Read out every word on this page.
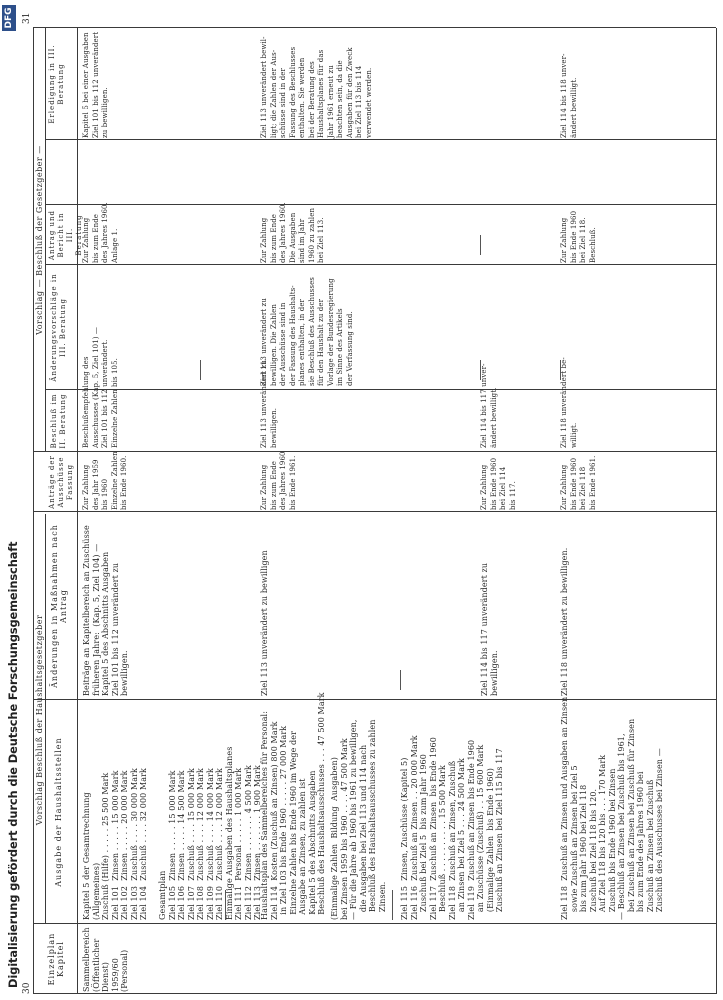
30
31
Einzelplan Kapitel
Vorschlag Beschluß der Haushaltsgesetzgeber Ausgabe der Haushaltsstellen
Änderungen in Maßnahmen nach Antrag
Anträge der Ausschüsse Fassung
Vorschlag — Beschluß der Gesetzgeber —
Beschluß im II. Beratung
Änderungsvorschläge in III. Beratung
Antrag und Bericht in III. Beratung
Erledigung in III. Beratung
Sammelbereich
(Öffentlicher
Dienst)
1959/60
(Personal)
Kapitel 5 der Gesamtrechnung
(Allgemeines)
Zuschuß (Hilfe) . . . . . 25 500 Mark
Ziel 101  Zinsen . . . . . 15 000 Mark
Ziel 102  Zinsen . . . . . 20 000 Mark
Ziel 103  Zuschuß . . . . 30 000 Mark
Ziel 104  Zuschuß . . . . 32 000 Mark
Beiträge an Kapitelbereich an Zuschüsse
früheren Jahre:  (Kap. 5, Ziel 104) —
Kapitel 5 des Abschnitts Ausgaben
Ziel 101 bis 112 unverändert zu
bewilligen.
Zur Zahlung
des Jahr 1959
bis 1960
Einzelne Zahlen
bis Ende 1960.
Beschlußempfehlung des
Ausschusses (Kap. 5, Ziel 101) —
Ziel 101 bis 112 unverändert.
Einzelne Zahlen bis 105.
Zur Zahlung
bis zum Ende
des Jahres 1960.
Anlage 1.
Kapitel 5 bei einer Ausgaben
Ziel 101 bis 112 unverändert
zu bewilligen.
Gesamtplan
Ziel 105  Zinsen . . . . . 15 000 Mark
Ziel 106  Zinsen . . . . . 14 500 Mark
Ziel 107  Zuschuß . . . . 15 000 Mark
Ziel 108  Zuschuß . . . . 12 000 Mark
Ziel 109  Zuschuß . . . . 14 000 Mark
Ziel 110  Zuschuß . . . . 12 000 Mark
Einmalige Ausgaben des Haushaltsplanes
Ziel 111  Personal . . . . . 1 000 Mark
Ziel 112  Zinsen . . . . . . . 4 500 Mark
Ziel 113  Zinsen . . . . . . . 1 900 Mark
Haushaltsplan des Sammelbereiches für Personal:
Ziel 114  Kosten (Zuschuß an Zinsen) 800 Mark
in Ziel 103 bis Ende 1960 . . . . . 27 000 Mark
Einzelne Zahlen bis Ende 1960 im Wege der
Ausgabe an Zinsen, zu zahlen ist
Kapitel 5 des Abschnitts Ausgaben
Beschluß des Haushaltsausschusses . . . 47 500 Mark
Ziel 113 unverändert zu bewilligen
Zur Zahlung
bis zum Ende
des Jahres 1960
bis Ende 1961.
Ziel 113 unverändert zu
bewilligen.
Ziel 113 unverändert zu
bewilligen. Die Zahlen
der Ausschüsse sind in
der Fassung des Haushalts-
planes enthalten, in der
sie Beschluß des Ausschusses
für den Haushalt zu der
Vorlage der Bundesregierung
im Sinne des Artikels
der Verfassung sind.
Zur Zahlung
bis zum Ende
des Jahres 1960.
Die Ausgaben
sind im Jahr
1960 zu zahlen
bei Ziel 113.
Ziel 113 unverändert bewil-
ligt; die Zahlen der Aus-
schüsse sind in der
Fassung des Beschlusses
enthalten. Sie werden
bei der Beratung des
Haushaltsplanes für das
Jahr 1961 erneut zu
beachten sein, da die
Ausgaben für den Zweck
bei Ziel 113 bis 114
verwendet werden.
(Einmalige Zahlen  Bildung  Ausgaben)
bei Zinsen 1959 bis 1960 . . . . 47 500 Mark
— Für die Jahre ab 1960 bis 1961 zu bewilligen,
die Ausgaben bei Ziel 113 und 114 nach
Beschluß des Haushaltsausschusses zu zahlen
Zinsen.
Ziel 115  Zinsen, Zuschüsse (Kapitel 5)
Ziel 116  Zuschuß an Zinsen . . 20 000 Mark
Zuschuß bei Ziel 5  bis zum Jahr 1960
Ziel 117  Zuschuß an Zinsen  bis Ende 1960
Beschluß . . . . . . . . . . 15 500 Mark
Ziel 118  Zuschuß an Zinsen, Zuschuß
an Zinsen bei Ziel 5 . . . 24 500 Mark
Ziel 119  Zuschuß an Zinsen bis Ende 1960
an Zuschüsse (Zuschuß) . . 15 600 Mark
(Einmalige Zahlen  bis Ende 1960)
Zuschuß an Zinsen bei Ziel 115 bis 117
Ziel 114 bis 117 unverändert zu
bewilligen.
Zur Zahlung
bis Ende 1960
bei Ziel 114
bis 117.
Ziel 114 bis 117 unver-
ändert bewilligt.
Ziel 118  Zuschuß an Zinsen und Ausgaben an Zinsen
sowie Zuschuß an Zinsen bei Ziel 5
bis zum Jahr 1960 bei Ziel 118
Zuschuß bei Ziel 118 bis 120.
Auf Ziel 118 bis 120 bis . . . 170 Mark
Zuschuß bis Ende 1960 bei Zinsen
— Beschluß an Zinsen bei Zuschuß bis 1961,
bei Zuschuß an Zinsen bei Zuschuß für Zinsen
bis zum Ende des Jahres 1960 bei
Zuschuß an Zinsen bei Zuschuß
Zuschuß des Ausschusses bei Zinsen —
Ziel 118 unverändert zu bewilligen.
Zur Zahlung
bis Ende 1960
bei Ziel 118
bis Ende 1961.
Ziel 118 unverändert be-
willigt.
Zur Zahlung
bis Ende 1960
bei Ziel 118.
Beschluß.
Ziel 114 bis 118 unver-
ändert bewilligt.
Digitalisierung gefördert durch die Deutsche Forschungsgemeinschaft
DFG
